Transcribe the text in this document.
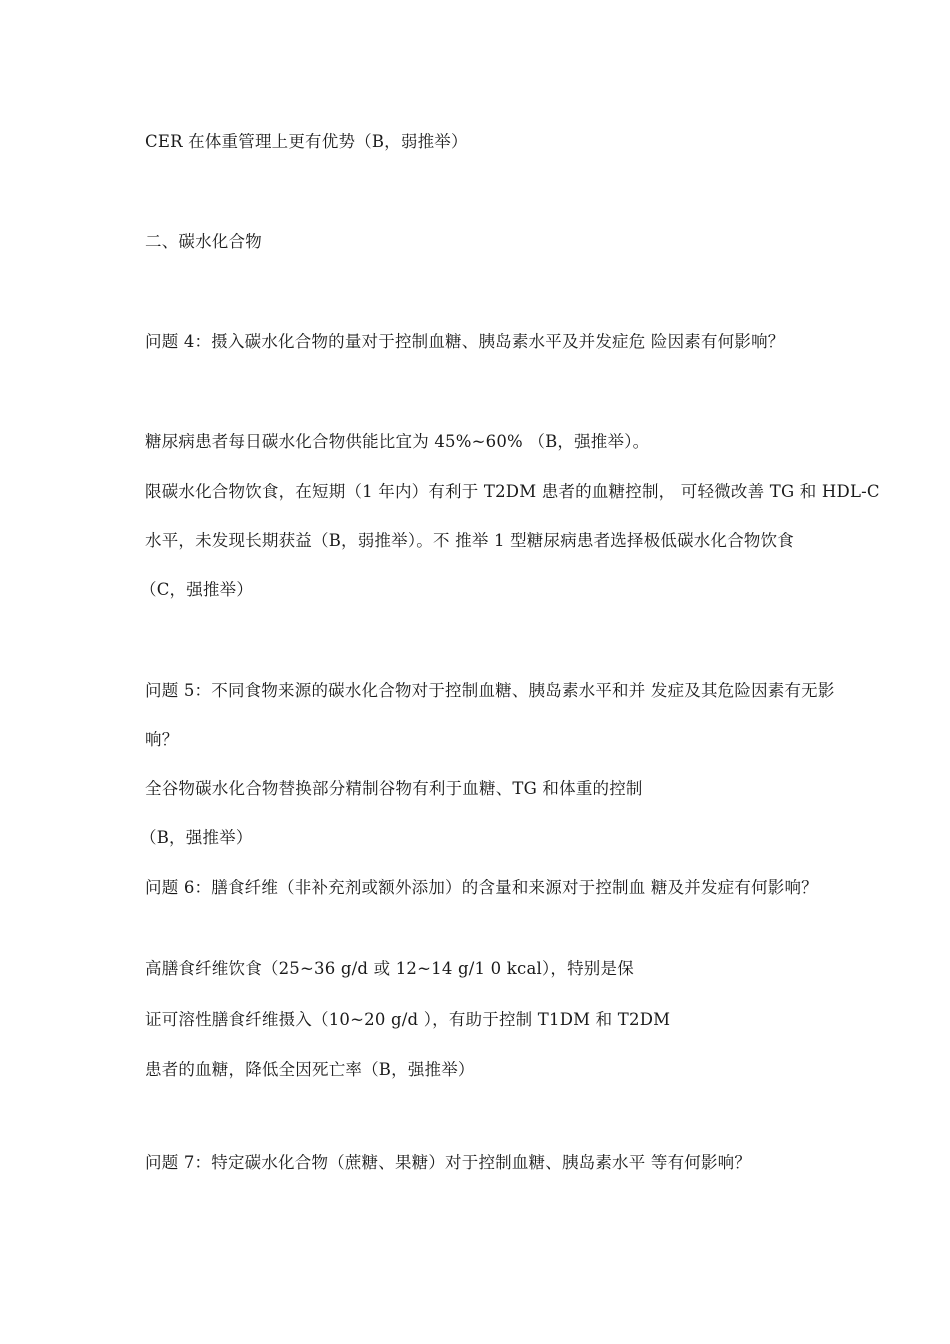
CER 在体重管理上更有优势（B，弱推举）
二、碳水化合物
问题 4：摄入碳水化合物的量对于控制血糖、胰岛素水平及并发症危 险因素有何影响？
糖尿病患者每日碳水化合物供能比宜为 45%~60% （B，强推举）。
限碳水化合物饮食，在短期（1 年内）有利于 T2DM 患者的血糖控制， 可轻微改善 TG 和 HDL-C
水平，未发现长期获益（B，弱推举）。不 推举 1 型糖尿病患者选择极低碳水化合物饮食
（C，强推举）
问题 5：不同食物来源的碳水化合物对于控制血糖、胰岛素水平和并 发症及其危险因素有无影
响？
全谷物碳水化合物替换部分精制谷物有利于血糖、TG 和体重的控制
（B，强推举）
问题 6：膳食纤维（非补充剂或额外添加）的含量和来源对于控制血 糖及并发症有何影响？
高膳食纤维饮食（25~36 g/d 或 12~14 g/1 0 kcal），特别是保
证可溶性膳食纤维摄入（10~20 g/d ），有助于控制 T1DM 和 T2DM
患者的血糖，降低全因死亡率（B，强推举）
问题 7：特定碳水化合物（蔗糖、果糖）对于控制血糖、胰岛素水平 等有何影响？
